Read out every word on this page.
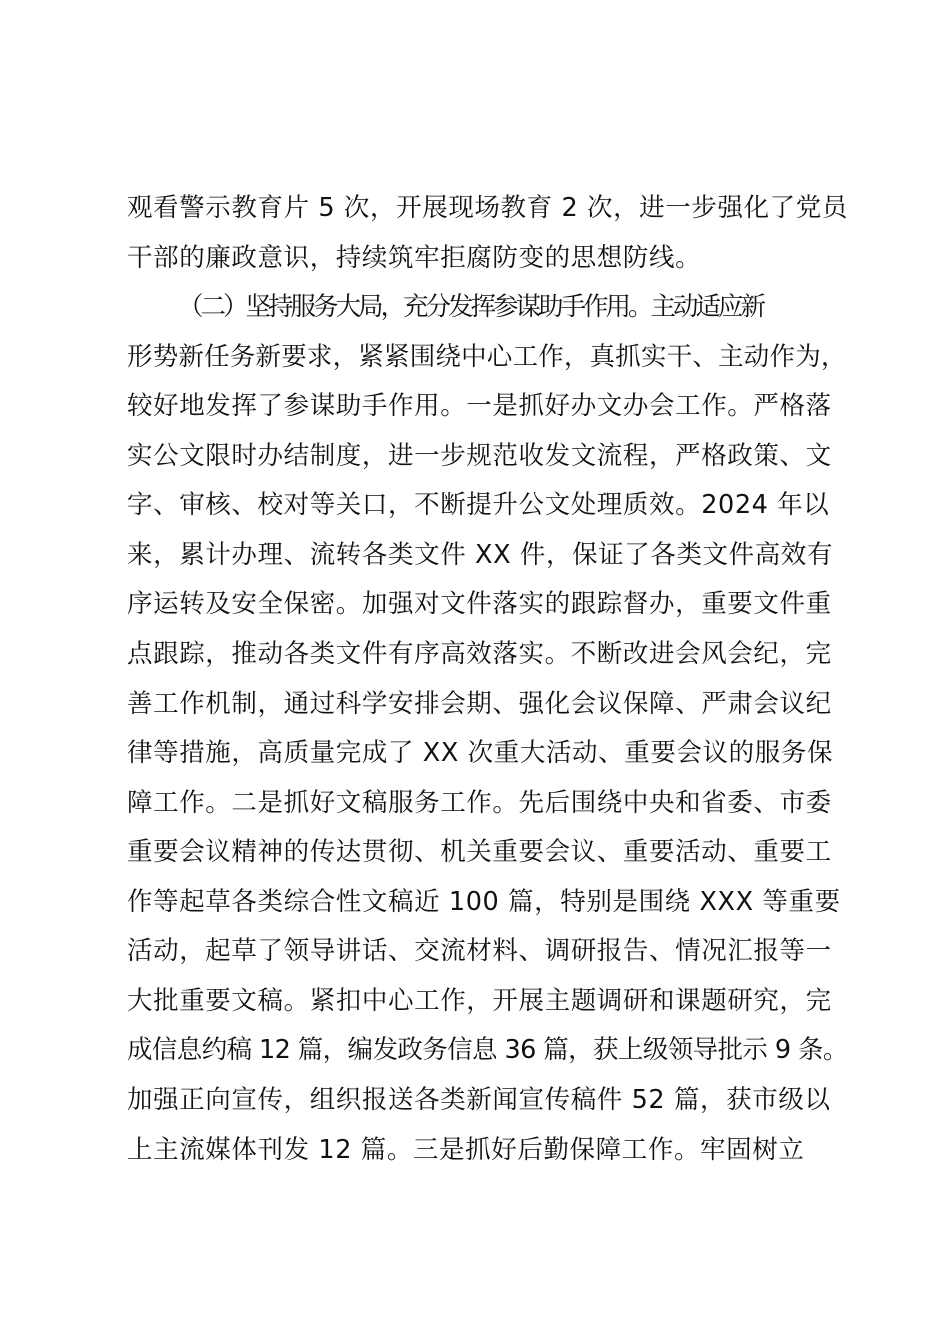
观看警示教育片 5 次，开展现场教育 2 次，进一步强化了党员
干部的廉政意识，持续筑牢拒腐防变的思想防线。
（二）坚持服务大局，充分发挥参谋助手作用。主动适应新
形势新任务新要求，紧紧围绕中心工作，真抓实干、主动作为，
较好地发挥了参谋助手作用。一是抓好办文办会工作。严格落
实公文限时办结制度，进一步规范收发文流程，严格政策、文
字、审核、校对等关口，不断提升公文处理质效。2024 年以
来，累计办理、流转各类文件 XX 件，保证了各类文件高效有
序运转及安全保密。加强对文件落实的跟踪督办，重要文件重
点跟踪，推动各类文件有序高效落实。不断改进会风会纪，完
善工作机制，通过科学安排会期、强化会议保障、严肃会议纪
律等措施，高质量完成了 XX 次重大活动、重要会议的服务保
障工作。二是抓好文稿服务工作。先后围绕中央和省委、市委
重要会议精神的传达贯彻、机关重要会议、重要活动、重要工
作等起草各类综合性文稿近 100 篇，特别是围绕 XXX 等重要
活动，起草了领导讲话、交流材料、调研报告、情况汇报等一
大批重要文稿。紧扣中心工作，开展主题调研和课题研究，完
成信息约稿 12 篇，编发政务信息 36 篇，获上级领导批示 9 条。
加强正向宣传，组织报送各类新闻宣传稿件 52 篇，获市级以
上主流媒体刊发 12 篇。三是抓好后勤保障工作。牢固树立
